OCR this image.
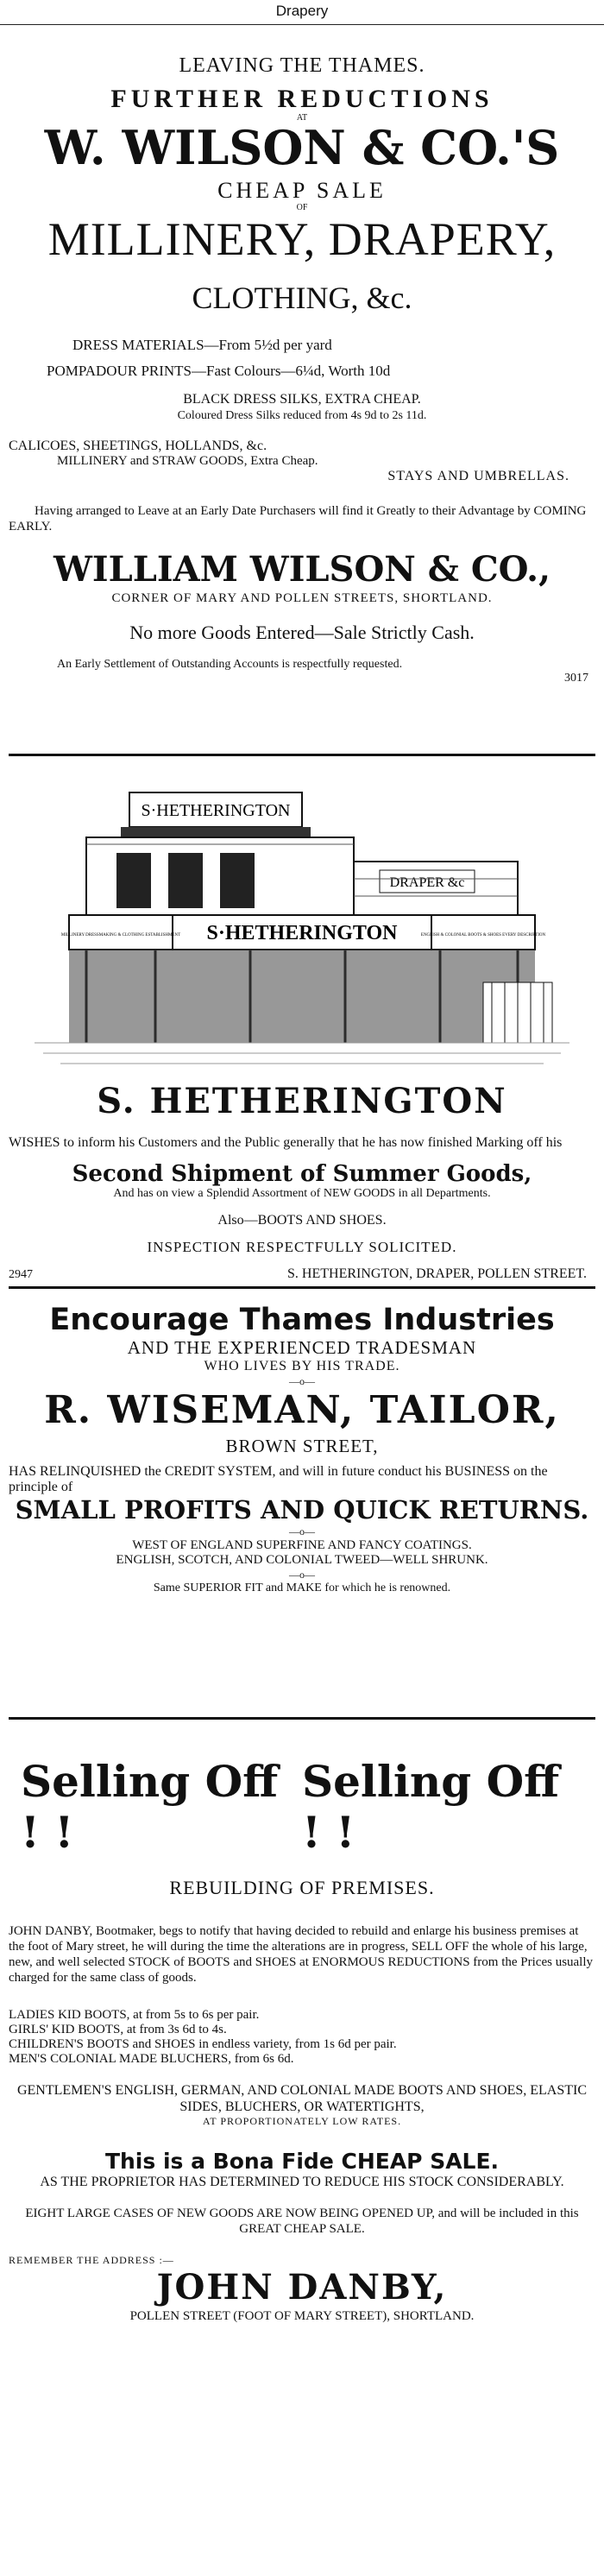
Drapery
LEAVING THE THAMES.
FURTHER REDUCTIONS
AT
W. WILSON & CO.'S
CHEAP SALE
OF
MILLINERY, DRAPERY,
CLOTHING, &c.
DRESS MATERIALS—From 5½d per yard
POMPADOUR PRINTS—Fast Colours—6¼d, Worth 10d
BLACK DRESS SILKS, EXTRA CHEAP.
Coloured Dress Silks reduced from 4s 9d to 2s 11d.
CALICOES, SHEETINGS, HOLLANDS, &c.
MILLINERY and STRAW GOODS, Extra Cheap.
STAYS AND UMBRELLAS.
Having arranged to Leave at an Early Date Purchasers will find it Greatly to their Advantage by COMING EARLY.
WILLIAM WILSON & CO.,
CORNER OF MARY AND POLLEN STREETS, SHORTLAND.
No more Goods Entered—Sale Strictly Cash.
An Early Settlement of Outstanding Accounts is respectfully requested.
3017
S·HETHERINGTON
DRAPER &c
S·HETHERINGTON
MILLINERY DRESSMAKING & CLOTHING ESTABLISHMENT	ENGLISH & COLONIAL BOOTS & SHOES EVERY DESCRIPTION
S. HETHERINGTON
WISHES to inform his Customers and the Public generally that he has now finished Marking off his
Second Shipment of Summer Goods,
And has on view a Splendid Assortment of NEW GOODS in all Departments.
Also—BOOTS AND SHOES.
INSPECTION RESPECTFULLY SOLICITED.
2947	S. HETHERINGTON, DRAPER, POLLEN STREET.
Encourage Thames Industries
AND THE EXPERIENCED TRADESMAN
WHO LIVES BY HIS TRADE.
—o—
R. WISEMAN, TAILOR,
BROWN STREET,
HAS RELINQUISHED the CREDIT SYSTEM, and will in future conduct his BUSINESS on the principle of
SMALL PROFITS AND QUICK RETURNS.
—o—
WEST OF ENGLAND SUPERFINE AND FANCY COATINGS.
ENGLISH, SCOTCH, AND COLONIAL TWEED—WELL SHRUNK.
—o—
Same SUPERIOR FIT and MAKE for which he is renowned.
Selling Off ! !
Selling Off ! !
REBUILDING OF PREMISES.
JOHN DANBY, Bootmaker, begs to notify that having decided to rebuild and enlarge his business premises at the foot of Mary street, he will during the time the alterations are in progress, SELL OFF the whole of his large, new, and well selected STOCK of BOOTS and SHOES at ENORMOUS REDUCTIONS from the Prices usually charged for the same class of goods.
LADIES KID BOOTS, at from 5s to 6s per pair.
GIRLS' KID BOOTS, at from 3s 6d to 4s.
CHILDREN'S BOOTS and SHOES in endless variety, from 1s 6d per pair.
MEN'S COLONIAL MADE BLUCHERS, from 6s 6d.
GENTLEMEN'S ENGLISH, GERMAN, AND COLONIAL MADE BOOTS AND SHOES, ELASTIC SIDES, BLUCHERS, OR WATERTIGHTS,
AT PROPORTIONATELY LOW RATES.
This is a Bona Fide CHEAP SALE.
AS THE PROPRIETOR HAS DETERMINED TO REDUCE HIS STOCK CONSIDERABLY.
EIGHT LARGE CASES OF NEW GOODS ARE NOW BEING OPENED UP, and will be included in this GREAT CHEAP SALE.
REMEMBER THE ADDRESS :—
JOHN DANBY,
POLLEN STREET (FOOT OF MARY STREET), SHORTLAND.
